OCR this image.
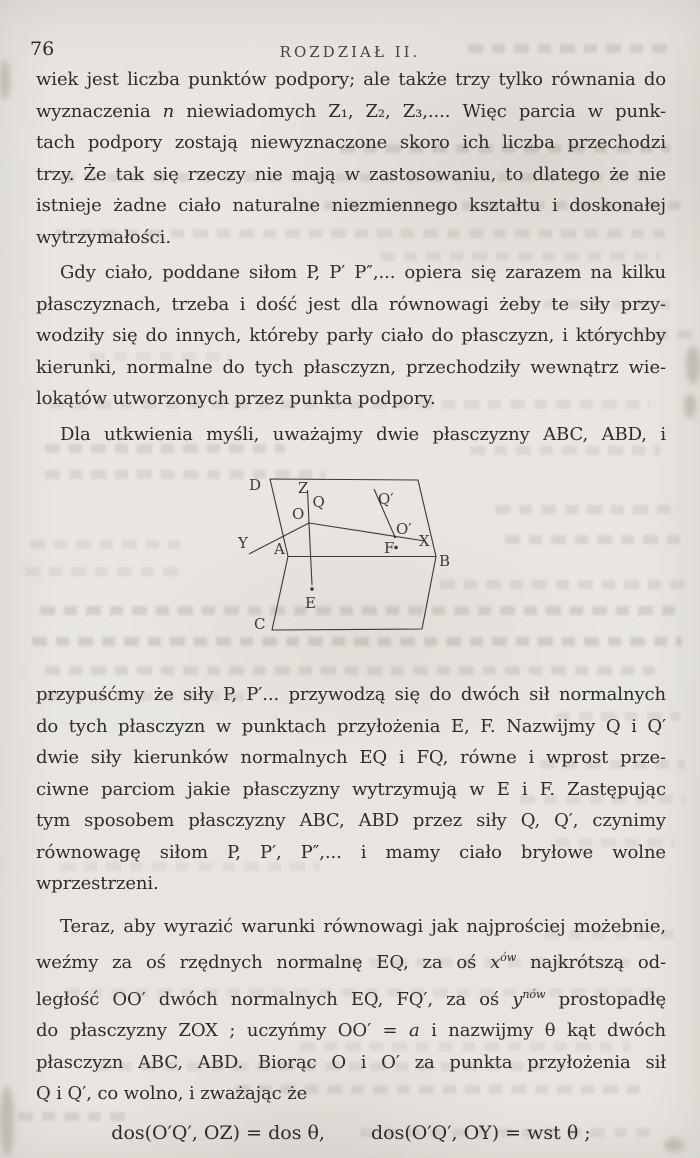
76	ROZDZIAŁ II.
wiek jest liczba punktów podpory; ale także trzy tylko równania do
wyznaczenia n niewiadomych Z₁, Z₂, Z₃,.... Więc parcia w punk-
tach podpory zostają niewyznaczone skoro ich liczba przechodzi
trzy. Że tak się rzeczy nie mają w zastosowaniu, to dlatego że nie
istnieje żadne ciało naturalne niezmiennego kształtu i doskonałej
wytrzymałości.
Gdy ciało, poddane siłom P, P′ P″,... opiera się zarazem na kilku
płasczyznach, trzeba i dość jest dla równowagi żeby te siły przy-
wodziły się do innych, któreby parły ciało do płasczyzn, i którychby
kierunki, normalne do tych płasczyzn, przechodziły wewnątrz wie-
lokątów utworzonych przez punkta podpory.
Dla utkwienia myśli, uważajmy dwie płasczyzny ABC, ABD, i
D Z
Q	Q′
O
O′
X
Y A	F
B
E
C
przypuśćmy że siły P, P′... przywodzą się do dwóch sił normalnych
do tych płasczyzn w punktach przyłożenia E, F. Nazwijmy Q i Q′
dwie siły kierunków normalnych EQ i FQ, równe i wprost prze-
ciwne parciom jakie płasczyzny wytrzymują w E i F. Zastępując
tym sposobem płasczyzny ABC, ABD przez siły Q, Q′, czynimy
równowagę siłom P, P′, P″,... i mamy ciało bryłowe wolne
wprzestrzeni.
Teraz, aby wyrazić warunki równowagi jak najprościej możebnie,
weźmy za oś rzędnych normalnę EQ, za oś $x^{ów}$ najkrótszą od-
ległość OO′ dwóch normalnych EQ, FQ′, za oś $y^{nów}$ prostopadłę
do płasczyzny ZOX ; uczyńmy OO′ = a i nazwijmy θ kąt dwóch
płasczyzn ABC, ABD. Biorąc O i O′ za punkta przyłożenia sił
Q i Q′, co wolno, i zważając że
dos(O′Q′, OZ) = dos θ, dos(O′Q′, OY) = wst θ ;
